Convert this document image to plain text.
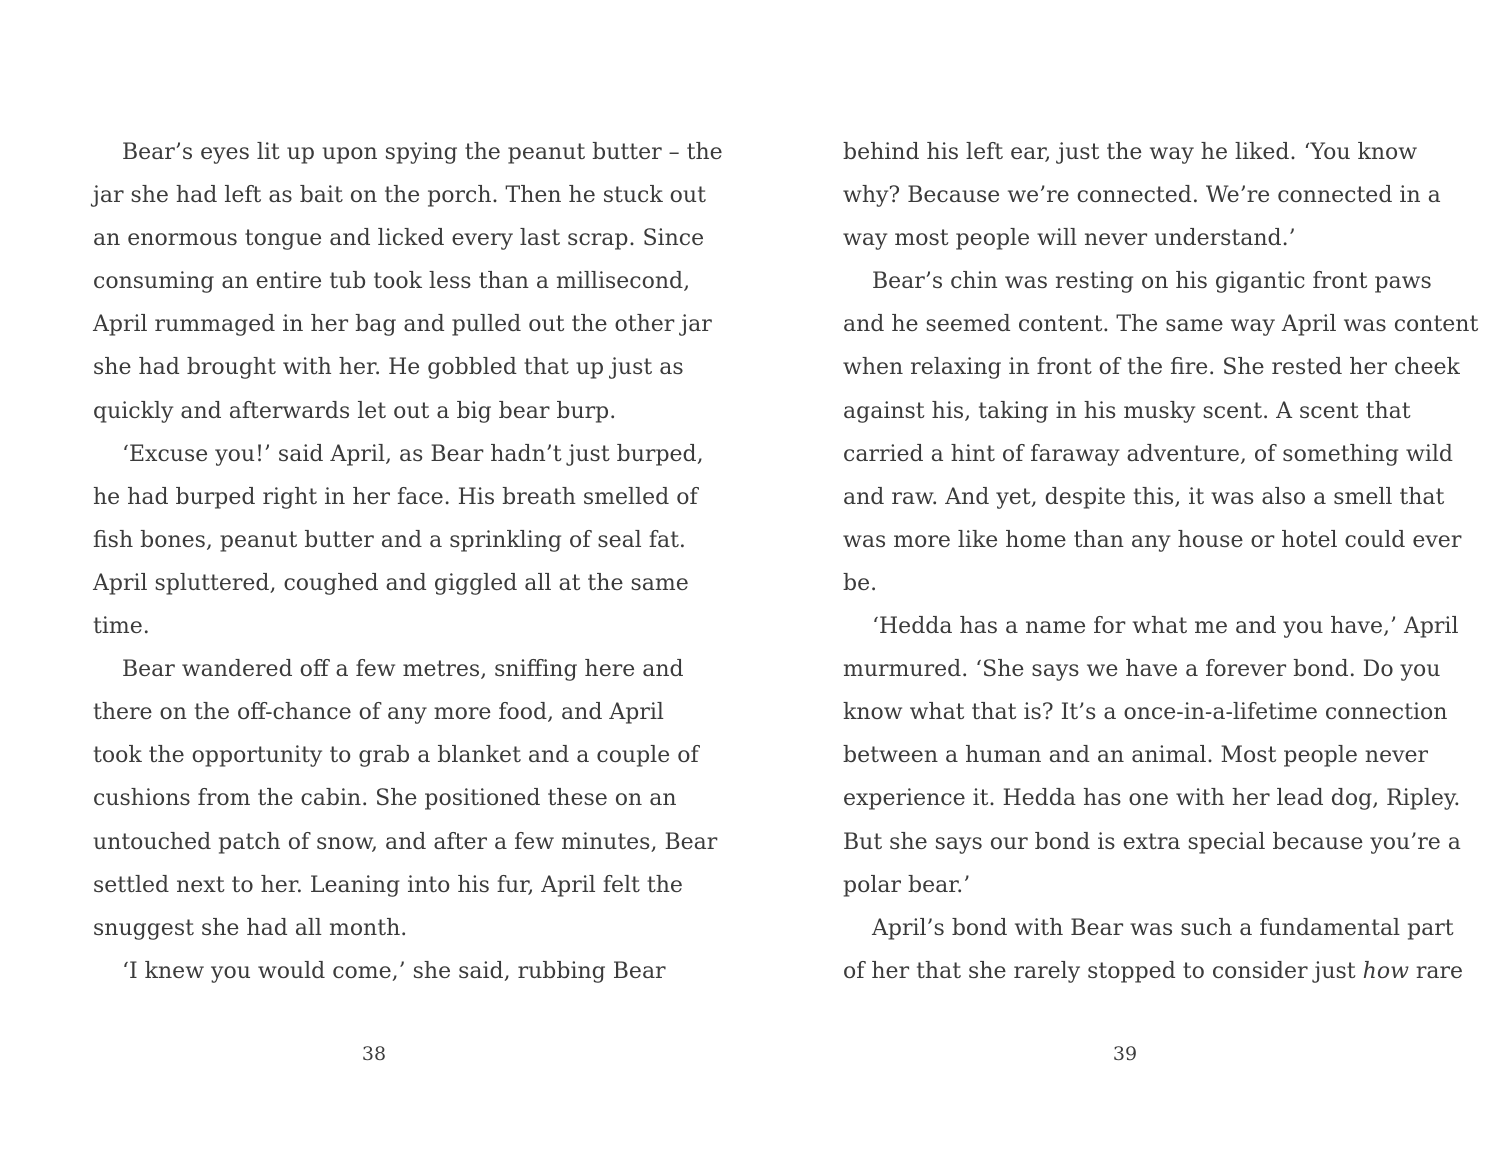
Bear’s eyes lit up upon spying the peanut butter – the
jar she had left as bait on the porch. Then he stuck out
an enormous tongue and licked every last scrap. Since
consuming an entire tub took less than a millisecond,
April rummaged in her bag and pulled out the other jar
she had brought with her. He gobbled that up just as
quickly and afterwards let out a big bear burp.
‘Excuse you!’ said April, as Bear hadn’t just burped,
he had burped right in her face. His breath smelled of
fish bones, peanut butter and a sprinkling of seal fat.
April spluttered, coughed and giggled all at the same
time.
Bear wandered off a few metres, sniffing here and
there on the off-chance of any more food, and April
took the opportunity to grab a blanket and a couple of
cushions from the cabin. She positioned these on an
untouched patch of snow, and after a few minutes, Bear
settled next to her. Leaning into his fur, April felt the
snuggest she had all month.
‘I knew you would come,’ she said, rubbing Bear
38
behind his left ear, just the way he liked. ‘You know
why? Because we’re connected. We’re connected in a
way most people will never understand.’
Bear’s chin was resting on his gigantic front paws
and he seemed content. The same way April was content
when relaxing in front of the fire. She rested her cheek
against his, taking in his musky scent. A scent that
carried a hint of faraway adventure, of something wild
and raw. And yet, despite this, it was also a smell that
was more like home than any house or hotel could ever
be.
‘Hedda has a name for what me and you have,’ April
murmured. ‘She says we have a forever bond. Do you
know what that is? It’s a once-in-a-lifetime connection
between a human and an animal. Most people never
experience it. Hedda has one with her lead dog, Ripley.
But she says our bond is extra special because you’re a
polar bear.’
April’s bond with Bear was such a fundamental part
of her that she rarely stopped to consider just how rare
39
